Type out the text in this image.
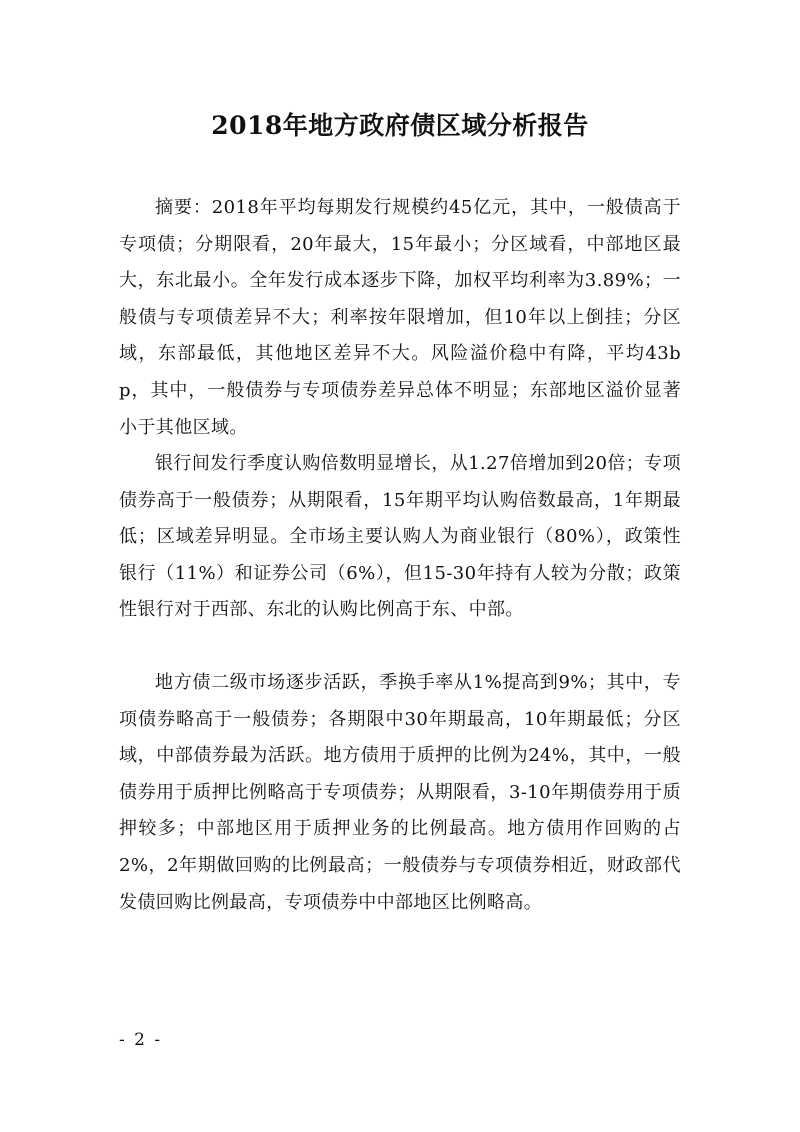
2018年地方政府债区域分析报告

摘要：2018年平均每期发行规模约45亿元，其中，一般债高于专项债；分期限看，20年最大，15年最小；分区域看，中部地区最大，东北最小。全年发行成本逐步下降，加权平均利率为3.89%；一般债与专项债差异不大；利率按年限增加，但10年以上倒挂；分区域，东部最低，其他地区差异不大。风险溢价稳中有降，平均43bp，其中，一般债券与专项债券差异总体不明显；东部地区溢价显著小于其他区域。

银行间发行季度认购倍数明显增长，从1.27倍增加到20倍；专项债券高于一般债券；从期限看，15年期平均认购倍数最高，1年期最低；区域差异明显。全市场主要认购人为商业银行（80%），政策性银行（11%）和证券公司（6%），但15-30年持有人较为分散；政策性银行对于西部、东北的认购比例高于东、中部。

地方债二级市场逐步活跃，季换手率从1%提高到9%；其中，专项债券略高于一般债券；各期限中30年期最高，10年期最低；分区域，中部债券最为活跃。地方债用于质押的比例为24%，其中，一般债券用于质押比例略高于专项债券；从期限看，3-10年期债券用于质押较多；中部地区用于质押业务的比例最高。地方债用作回购的占2%，2年期做回购的比例最高；一般债券与专项债券相近，财政部代发债回购比例最高，专项债券中中部地区比例略高。

- 2 -
